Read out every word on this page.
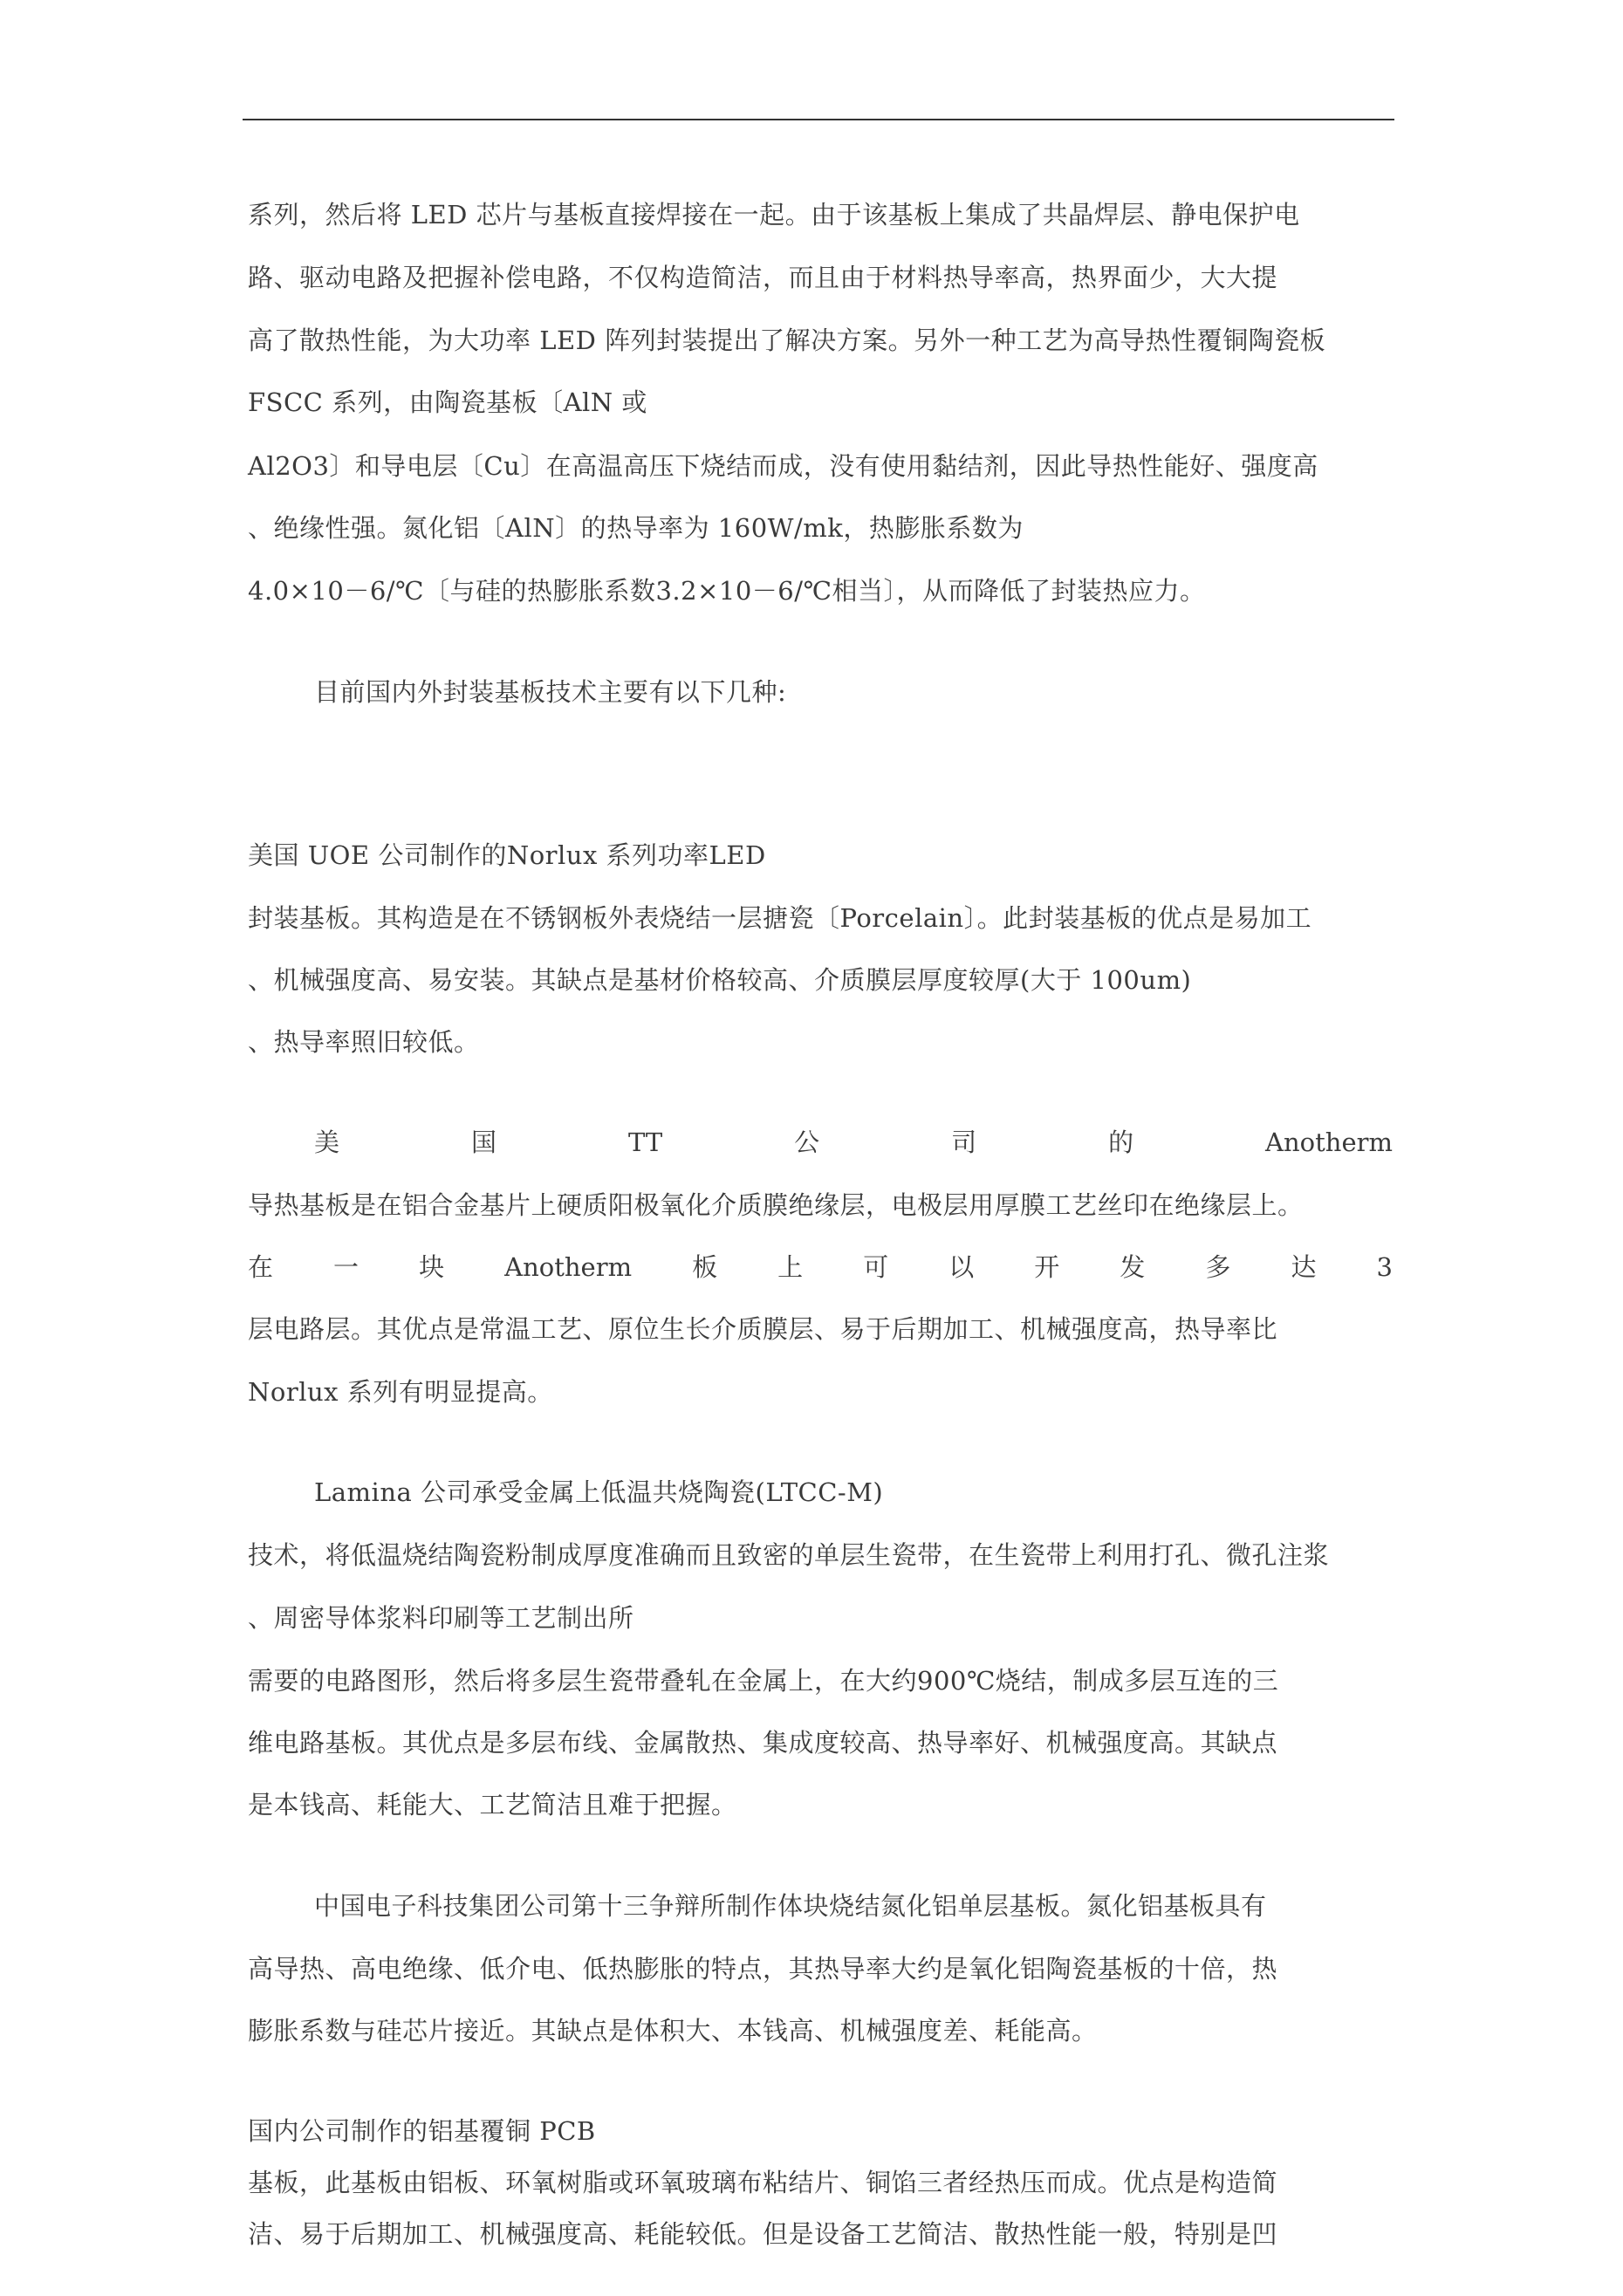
系列，然后将 LED 芯片与基板直接焊接在一起。由于该基板上集成了共晶焊层、静电保护电
路、驱动电路及把握补偿电路，不仅构造简洁，而且由于材料热导率高，热界面少，大大提
高了散热性能，为大功率 LED 阵列封装提出了解决方案。另外一种工艺为高导热性覆铜陶瓷板
FSCC 系列，由陶瓷基板〔AlN 或
Al2O3〕和导电层〔Cu〕在高温高压下烧结而成，没有使用黏结剂，因此导热性能好、强度高
、绝缘性强。氮化铝〔AlN〕的热导率为 160W/mk，热膨胀系数为
4.0×10－6/℃〔与硅的热膨胀系数3.2×10－6/℃相当〕，从而降低了封装热应力。
目前国内外封装基板技术主要有以下几种:
美国 UOE 公司制作的Norlux 系列功率LED
封装基板。其构造是在不锈钢板外表烧结一层搪瓷〔Porcelain〕。此封装基板的优点是易加工
、机械强度高、易安装。其缺点是基材价格较高、介质膜层厚度较厚(大于 100um)
、热导率照旧较低。
美	国	TT	公	司	的	Anotherm
导热基板是在铝合金基片上硬质阳极氧化介质膜绝缘层，电极层用厚膜工艺丝印在绝缘层上。
在 一 块 Anotherm 板 上 可 以 开 发 多 达 3
层电路层。其优点是常温工艺、原位生长介质膜层、易于后期加工、机械强度高，热导率比
Norlux 系列有明显提高。
Lamina 公司承受金属上低温共烧陶瓷(LTCC-M)
技术，将低温烧结陶瓷粉制成厚度准确而且致密的单层生瓷带，在生瓷带上利用打孔、微孔注浆
、周密导体浆料印刷等工艺制出所
需要的电路图形，然后将多层生瓷带叠轧在金属上，在大约900℃烧结，制成多层互连的三
维电路基板。其优点是多层布线、金属散热、集成度较高、热导率好、机械强度高。其缺点
是本钱高、耗能大、工艺简洁且难于把握。
中国电子科技集团公司第十三争辩所制作体块烧结氮化铝单层基板。氮化铝基板具有
高导热、高电绝缘、低介电、低热膨胀的特点，其热导率大约是氧化铝陶瓷基板的十倍，热
膨胀系数与硅芯片接近。其缺点是体积大、本钱高、机械强度差、耗能高。
国内公司制作的铝基覆铜 PCB
基板，此基板由铝板、环氧树脂或环氧玻璃布粘结片、铜馅三者经热压而成。优点是构造简
洁、易于后期加工、机械强度高、耗能较低。但是设备工艺简洁、散热性能一般，特别是凹
